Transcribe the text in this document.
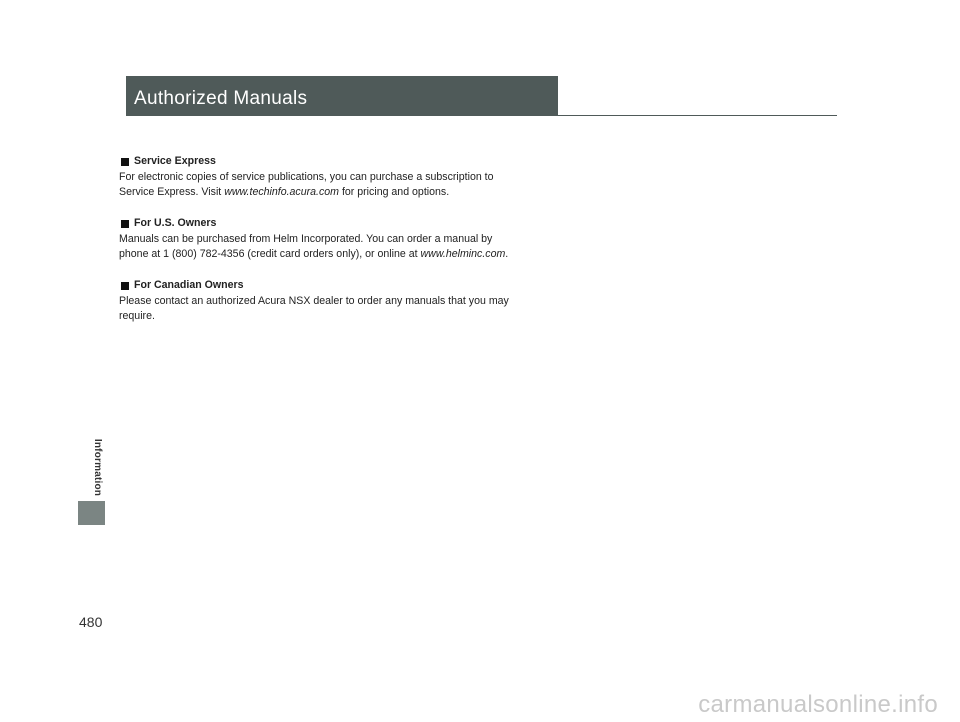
Authorized Manuals
Information
480
Service Express
For electronic copies of service publications, you can purchase a subscription to
Service Express. Visit www.techinfo.acura.com for pricing and options.
For U.S. Owners
Manuals can be purchased from Helm Incorporated. You can order a manual by
phone at 1 (800) 782-4356 (credit card orders only), or online at www.helminc.com.
For Canadian Owners
Please contact an authorized Acura NSX dealer to order any manuals that you may
require.
carmanualsonline.info
